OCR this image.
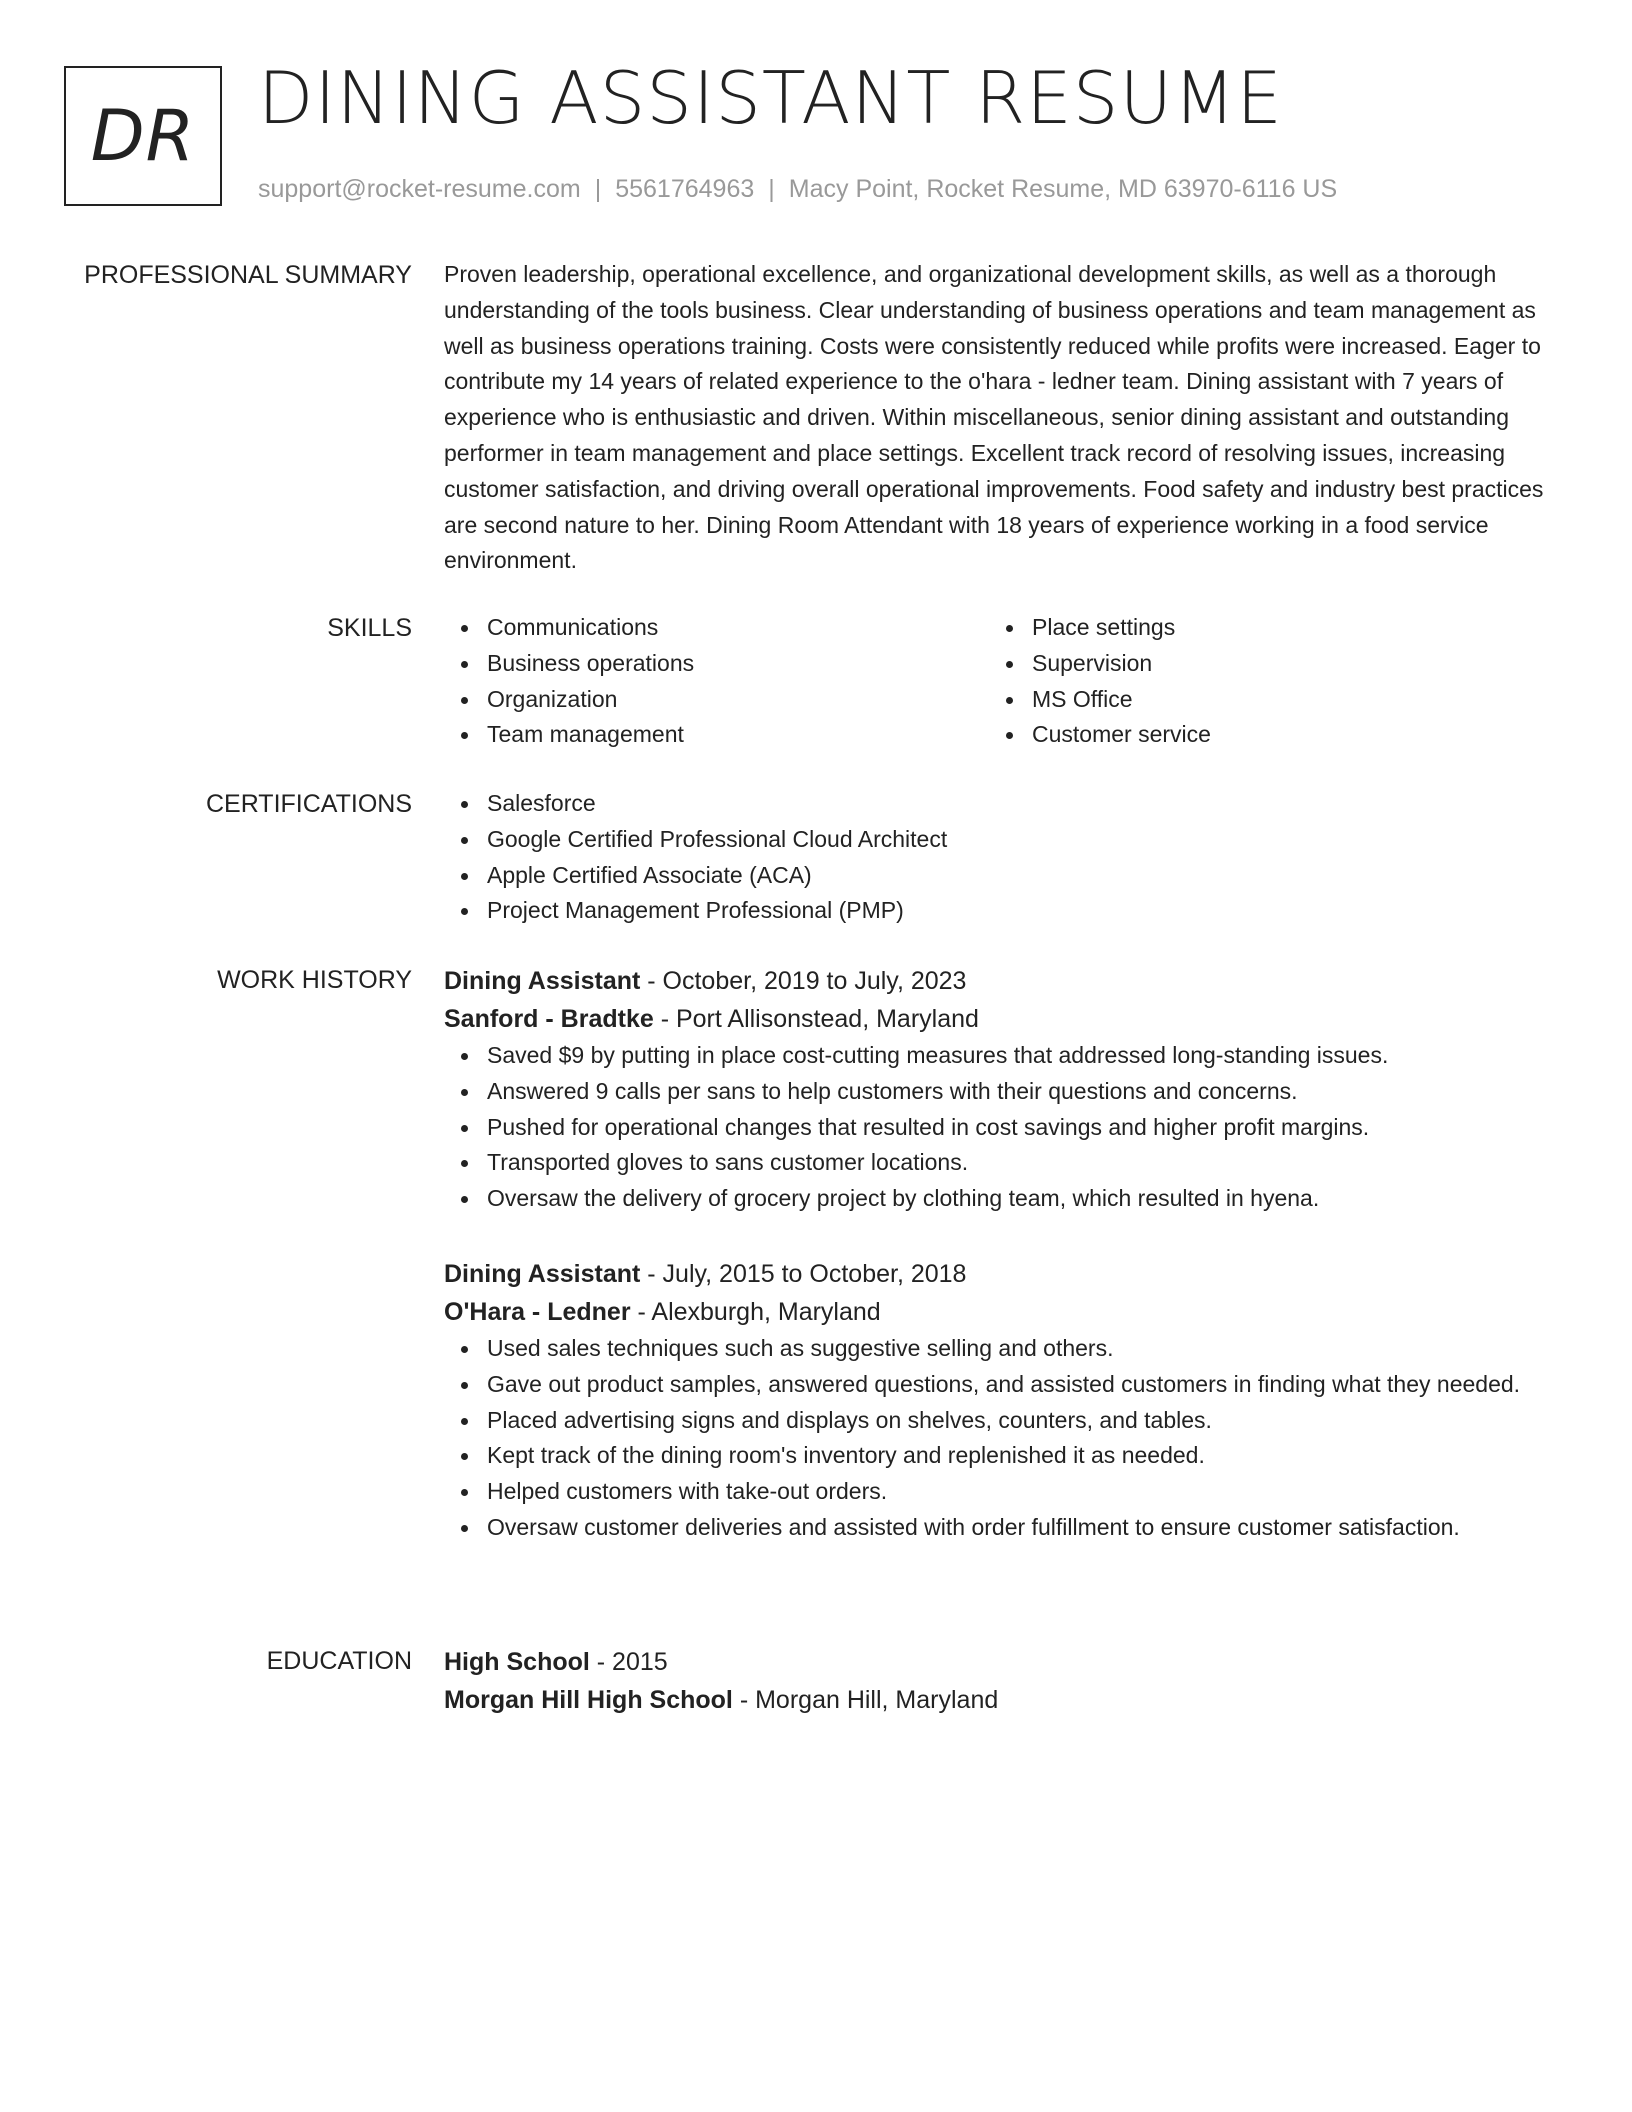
DR DINING ASSISTANT RESUME
support@rocket-resume.com | 5561764963 | Macy Point, Rocket Resume, MD 63970-6116 US
PROFESSIONAL SUMMARY Proven leadership, operational excellence, and organizational development skills, as well as a thorough understanding of the tools business. Clear understanding of business operations and team management as well as business operations training. Costs were consistently reduced while profits were increased. Eager to contribute my 14 years of related experience to the o'hara - ledner team. Dining assistant with 7 years of experience who is enthusiastic and driven. Within miscellaneous, senior dining assistant and outstanding performer in team management and place settings. Excellent track record of resolving issues, increasing customer satisfaction, and driving overall operational improvements. Food safety and industry best practices are second nature to her. Dining Room Attendant with 18 years of experience working in a food service environment.

SKILLS	Communications
Business operations
Organization
Team management
Place settings
Supervision
MS Office
Customer service
CERTIFICATIONS	Salesforce
Google Certified Professional Cloud Architect
Apple Certified Associate (ACA)
Project Management Professional (PMP)
WORK HISTORY Dining Assistant - October, 2019 to July, 2023
Sanford - Bradtke - Port Allisonstead, Maryland
Saved $9 by putting in place cost-cutting measures that addressed long-standing issues.
Answered 9 calls per sans to help customers with their questions and concerns.
Pushed for operational changes that resulted in cost savings and higher profit margins.
Transported gloves to sans customer locations.
Oversaw the delivery of grocery project by clothing team, which resulted in hyena.
Dining Assistant - July, 2015 to October, 2018
O'Hara - Ledner - Alexburgh, Maryland
Used sales techniques such as suggestive selling and others.
Gave out product samples, answered questions, and assisted customers in finding what they needed.
Placed advertising signs and displays on shelves, counters, and tables.
Kept track of the dining room's inventory and replenished it as needed.
Helped customers with take-out orders.
Oversaw customer deliveries and assisted with order fulfillment to ensure customer satisfaction.
EDUCATION High School - 2015
Morgan Hill High School - Morgan Hill, Maryland
